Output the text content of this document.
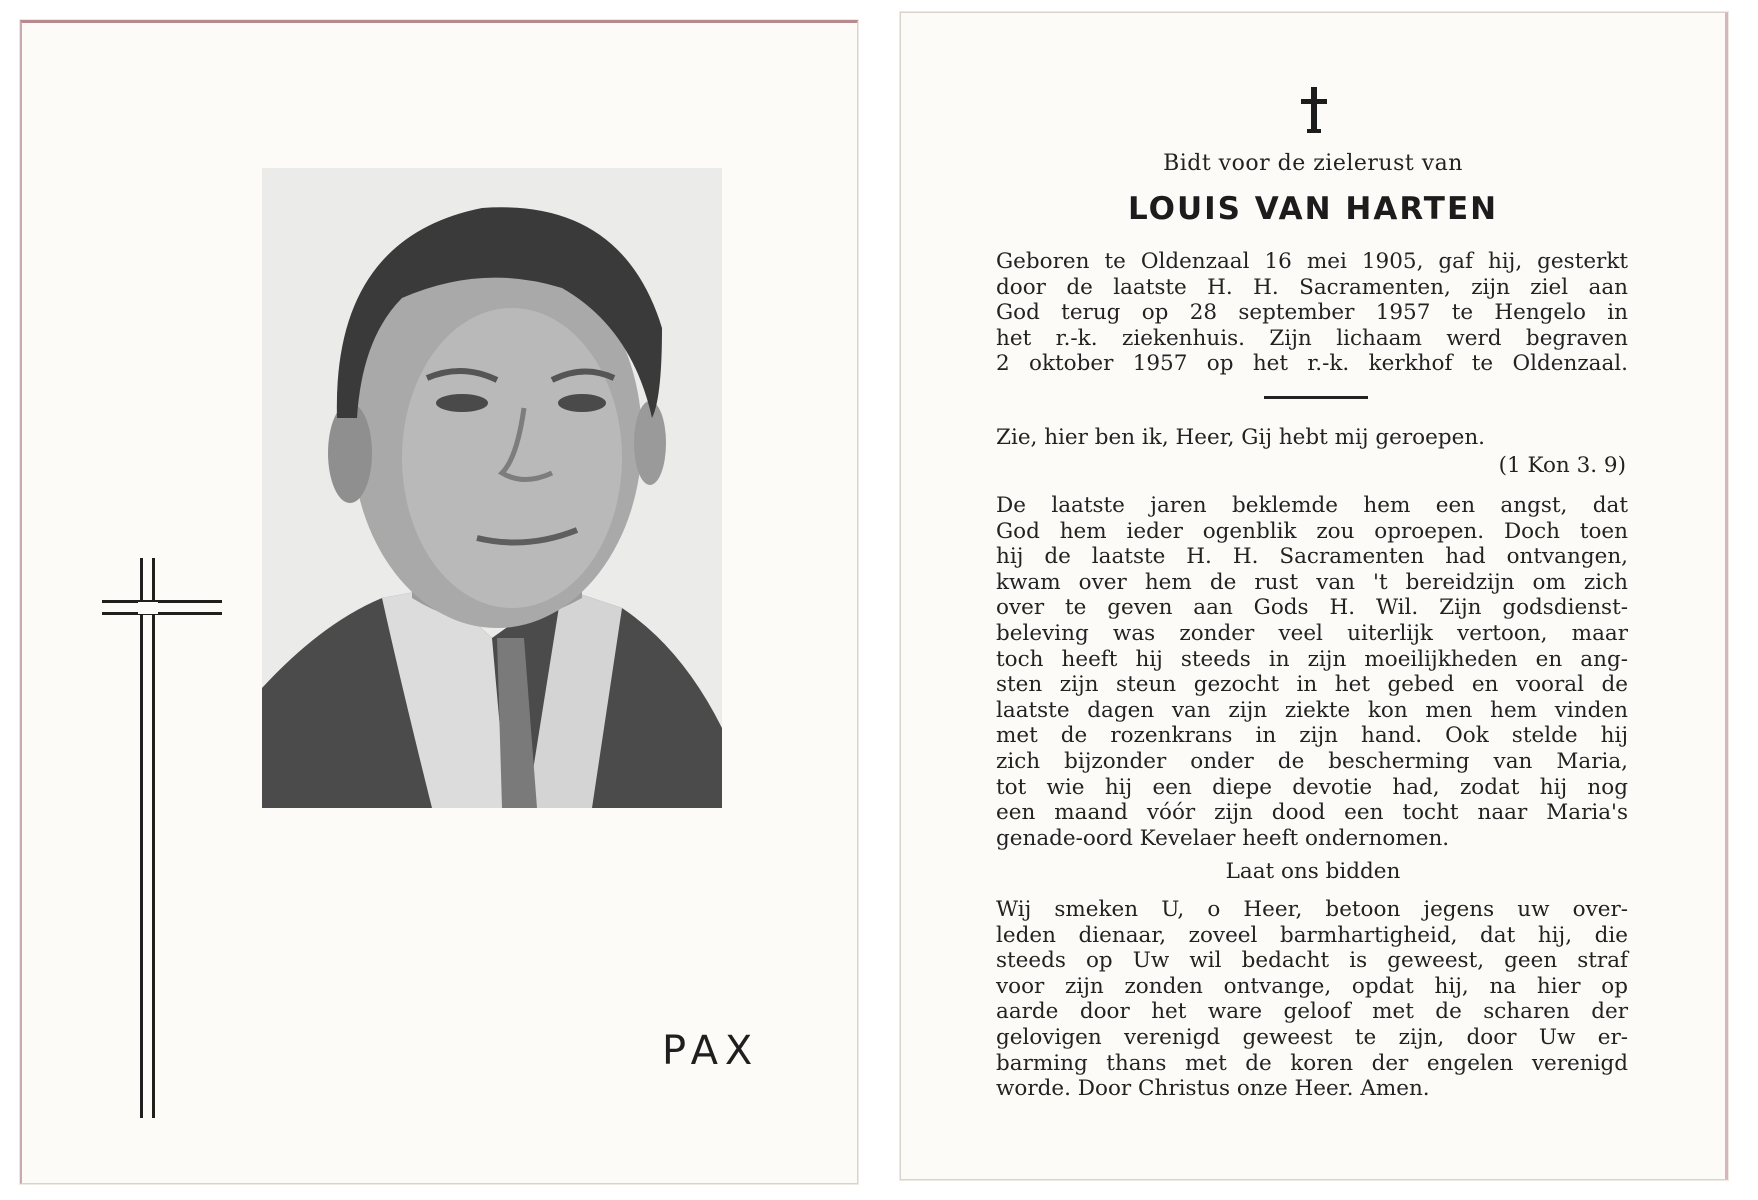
PAX
Bidt voor de zielerust van
LOUIS VAN HARTEN
Geboren te Oldenzaal 16 mei 1905, gaf hij, gesterkt
door de laatste H. H. Sacramenten, zijn ziel aan
God terug op 28 september 1957 te Hengelo in
het r.-k. ziekenhuis. Zijn lichaam werd begraven
2 oktober 1957 op het r.-k. kerkhof te Oldenzaal.
Zie, hier ben ik, Heer, Gij hebt mij geroepen.
(1 Kon 3. 9)
De laatste jaren beklemde hem een angst, dat
God hem ieder ogenblik zou oproepen. Doch toen
hij de laatste H. H. Sacramenten had ontvangen,
kwam over hem de rust van 't bereidzijn om zich
over te geven aan Gods H. Wil. Zijn godsdienst-
beleving was zonder veel uiterlijk vertoon, maar
toch heeft hij steeds in zijn moeilijkheden en ang-
sten zijn steun gezocht in het gebed en vooral de
laatste dagen van zijn ziekte kon men hem vinden
met de rozenkrans in zijn hand. Ook stelde hij
zich bijzonder onder de bescherming van Maria,
tot wie hij een diepe devotie had, zodat hij nog
een maand vóór zijn dood een tocht naar Maria's
genade-oord Kevelaer heeft ondernomen.
Laat ons bidden
Wij smeken U, o Heer, betoon jegens uw over-
leden dienaar, zoveel barmhartigheid, dat hij, die
steeds op Uw wil bedacht is geweest, geen straf
voor zijn zonden ontvange, opdat hij, na hier op
aarde door het ware geloof met de scharen der
gelovigen verenigd geweest te zijn, door Uw er-
barming thans met de koren der engelen verenigd
worde. Door Christus onze Heer. Amen.
